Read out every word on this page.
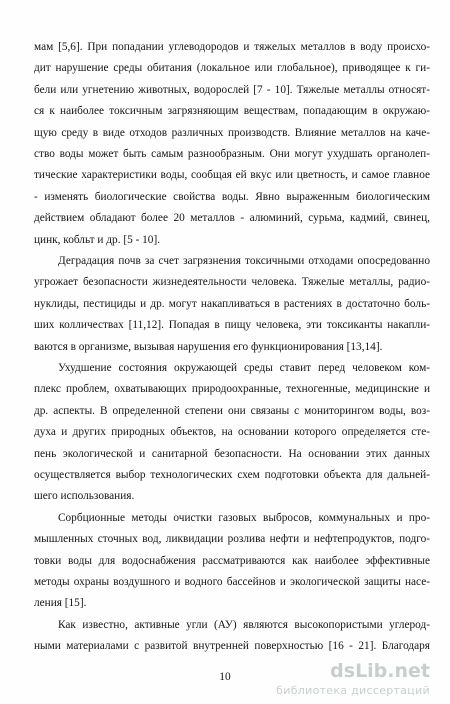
мам [5,6]. При попадании углеводородов и тяжелых металлов в воду происхо-
дит нарушение среды обитания (локальное или глобальное), приводящее к ги-
бели или угнетению животных, водорослей [7 - 10]. Тяжелые металлы относят-
ся к наиболее токсичным загрязняющим веществам, попадающим в окружаю-
щую среду в виде отходов различных производств. Влияние металлов на каче-
ство воды может быть самым разнообразным. Они могут ухудшать органолеп-
тические характеристики воды, сообщая ей вкус или цветность, и самое главное
- изменять биологические свойства воды. Явно выраженным биологическим
действием обладают более 20 металлов - алюминий, сурьма, кадмий, свинец,
цинк, кобльт и др. [5 - 10].
Деградация почв за счет загрязнения токсичными отходами опосредованно
угрожает безопасности жизнедеятельности человека. Тяжелые металлы, радио-
нуклиды, пестициды и др. могут накапливаться в растениях в достаточно боль-
ших колличествах [11,12]. Попадая в пищу человека, эти токсиканты накапли-
ваются в организме, вызывая нарушения его функционирования [13,14].
Ухудшение состояния окружающей среды ставит перед человеком ком-
плекс проблем, охватывающих природоохранные, техногенные, медицинские и
др. аспекты. В определенной степени они связаны с мониторингом воды, воз-
духа и других природных объектов, на основании которого определяется сте-
пень экологической и санитарной безопасности. На основании этих данных
осуществляется выбор технологических схем подготовки объекта для дальней-
шего использования.
Сорбционные методы очистки газовых выбросов, коммунальных и про-
мышленных сточных вод, ликвидации розлива нефти и нефтепродуктов, подго-
товки воды для водоснабжения рассматриваются как наиболее эффективные
методы охраны воздушного и водного бассейнов и экологической защиты насе-
ления [15].
Как известно, активные угли (АУ) являются высокопористыми углерод-
ными материалами с развитой внутренней поверхностью [16 - 21]. Благодаря
dsLib.net
библиотека диссертаций
10
